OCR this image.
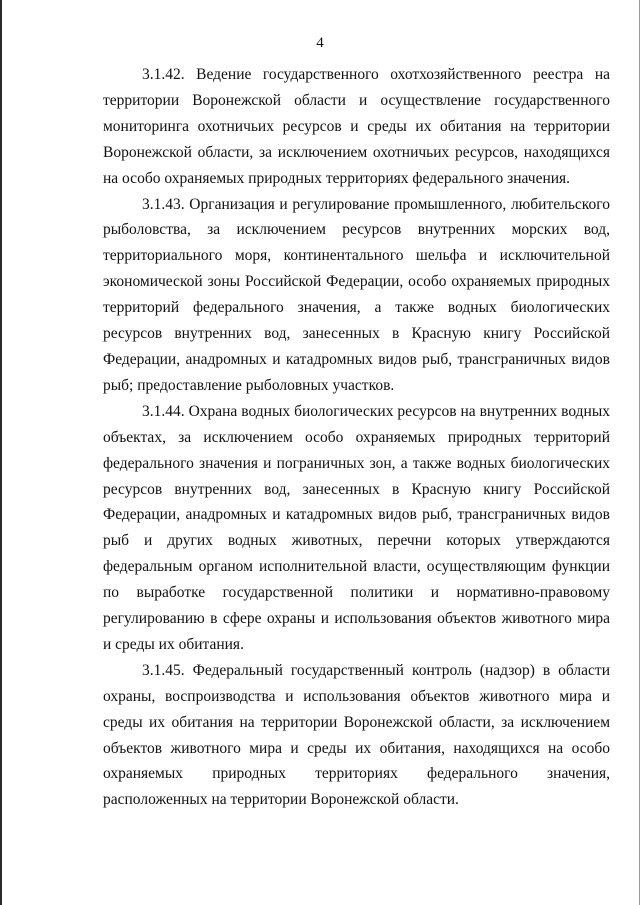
4

3.1.42. Ведение государственного охотхозяйственного реестра на территории Воронежской области и осуществление государственного мониторинга охотничьих ресурсов и среды их обитания на территории Воронежской области, за исключением охотничьих ресурсов, находящихся на особо охраняемых природных территориях федерального значения.

3.1.43. Организация и регулирование промышленного, любительского рыболовства, за исключением ресурсов внутренних морских вод, территориального моря, континентального шельфа и исключительной экономической зоны Российской Федерации, особо охраняемых природных территорий федерального значения, а также водных биологических ресурсов внутренних вод, занесенных в Красную книгу Российской Федерации, анадромных и катадромных видов рыб, трансграничных видов рыб; предоставление рыболовных участков.

3.1.44. Охрана водных биологических ресурсов на внутренних водных объектах, за исключением особо охраняемых природных территорий федерального значения и пограничных зон, а также водных биологических ресурсов внутренних вод, занесенных в Красную книгу Российской Федерации, анадромных и катадромных видов рыб, трансграничных видов рыб и других водных животных, перечни которых утверждаются федеральным органом исполнительной власти, осуществляющим функции по выработке государственной политики и нормативно-правовому регулированию в сфере охраны и использования объектов животного мира и среды их обитания.

3.1.45. Федеральный государственный контроль (надзор) в области охраны, воспроизводства и использования объектов животного мира и среды их обитания на территории Воронежской области, за исключением объектов животного мира и среды их обитания, находящихся на особо охраняемых природных территориях федерального значения, расположенных на территории Воронежской области.
